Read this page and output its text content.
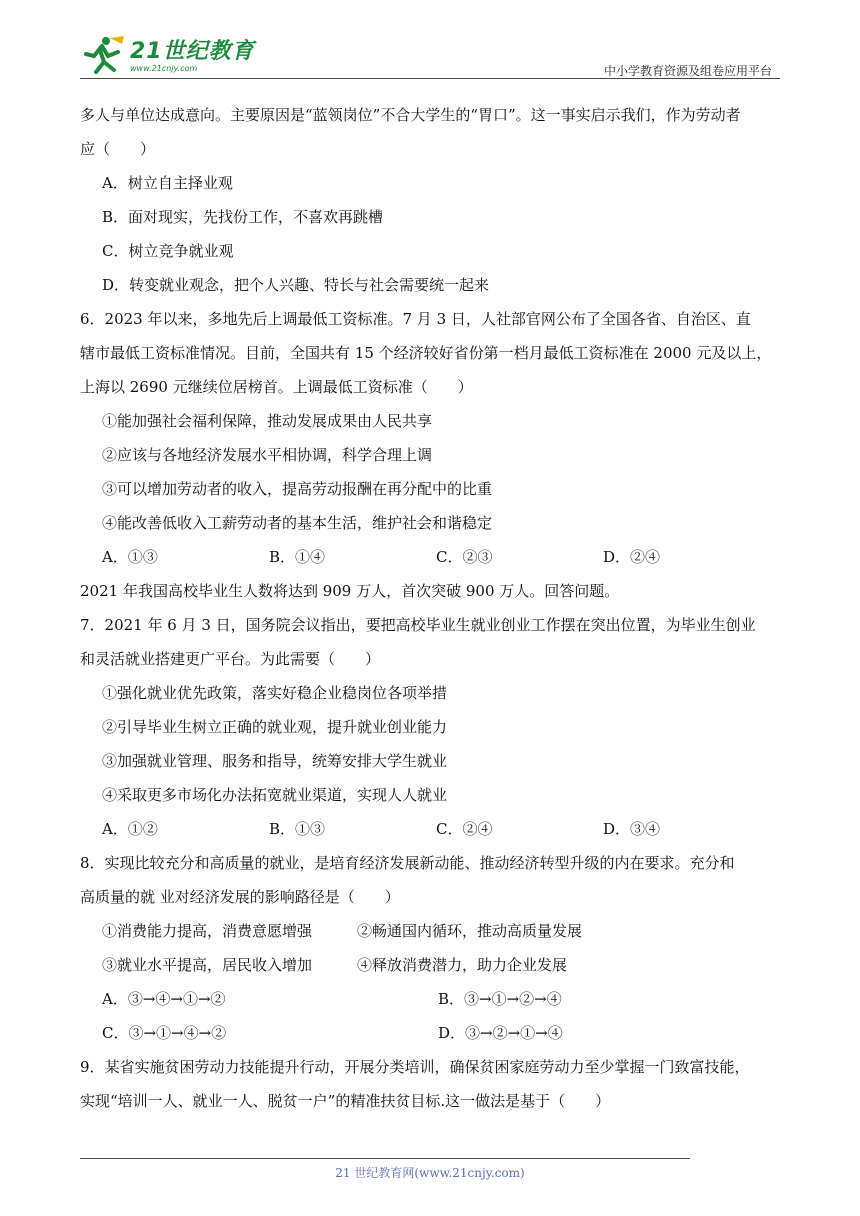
21世纪教育
www.21cnjy.com	中小学教育资源及组卷应用平台
多人与单位达成意向。主要原因是“蓝领岗位”不合大学生的“胃口”。这一事实启示我们，作为劳动者
应（　　）
A．树立自主择业观
B．面对现实，先找份工作，不喜欢再跳槽
C．树立竞争就业观
D．转变就业观念，把个人兴趣、特长与社会需要统一起来
6．2023 年以来，多地先后上调最低工资标准。7 月 3 日，人社部官网公布了全国各省、自治区、直
辖市最低工资标准情况。目前，全国共有 15 个经济较好省份第一档月最低工资标准在 2000 元及以上，
上海以 2690 元继续位居榜首。上调最低工资标准（　　）
①能加强社会福利保障，推动发展成果由人民共享
②应该与各地经济发展水平相协调，科学合理上调
③可以增加劳动者的收入，提高劳动报酬在再分配中的比重
④能改善低收入工薪劳动者的基本生活，维护社会和谐稳定
A．①③	B．①④	C．②③	D．②④
2021 年我国高校毕业生人数将达到 909 万人，首次突破 900 万人。回答问题。
7．2021 年 6 月 3 日，国务院会议指出，要把高校毕业生就业创业工作摆在突出位置，为毕业生创业
和灵活就业搭建更广平台。为此需要（　　）
①强化就业优先政策，落实好稳企业稳岗位各项举措
②引导毕业生树立正确的就业观，提升就业创业能力
③加强就业管理、服务和指导，统筹安排大学生就业
④采取更多市场化办法拓宽就业渠道，实现人人就业
A．①②	B．①③	C．②④	D．③④
8．实现比较充分和高质量的就业，是培育经济发展新动能、推动经济转型升级的内在要求。充分和
高质量的就 业对经济发展的影响路径是（　　）
①消费能力提高，消费意愿增强　　　②畅通国内循环，推动高质量发展
③就业水平提高，居民收入增加　　　④释放消费潜力，助力企业发展
A．③→④→①→②	B．③→①→②→④
C．③→①→④→②	D．③→②→①→④
9．某省实施贫困劳动力技能提升行动，开展分类培训，确保贫困家庭劳动力至少掌握一门致富技能，
实现“培训一人、就业一人、脱贫一户”的精准扶贫目标.这一做法是基于（　　）
21 世纪教育网(www.21cnjy.com)
